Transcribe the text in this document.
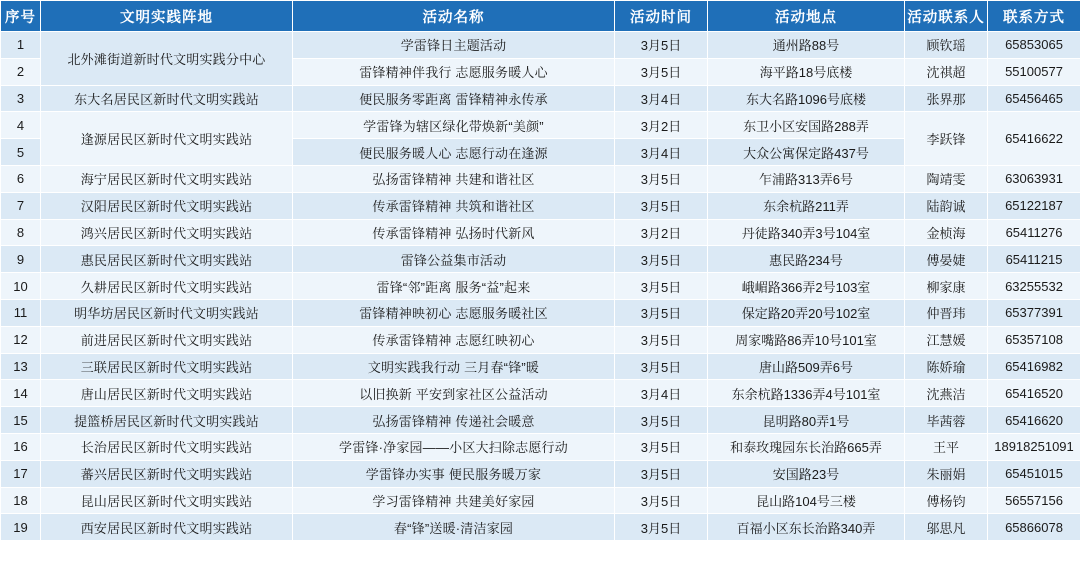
序号	文明实践阵地	活动名称	活动时间	活动地点	活动联系人	联系方式
1	北外滩街道新时代文明实践分中心	学雷锋日主题活动	3月5日	通州路88号	顾钦瑶	65853065
2		雷锋精神伴我行 志愿服务暖人心	3月5日	海平路18号底楼	沈祺超	55100577
3	东大名居民区新时代文明实践站	便民服务零距离 雷锋精神永传承	3月4日	东大名路1096号底楼	张界那	65456465
4	逢源居民区新时代文明实践站	学雷锋为辖区绿化带焕新“美颜”	3月2日	东卫小区安国路288弄	李跃锋	65416622
5		便民服务暖人心 志愿行动在逢源	3月4日	大众公寓保定路437号		
6	海宁居民区新时代文明实践站	弘扬雷锋精神 共建和谐社区	3月5日	乍浦路313弄6号	陶靖雯	63063931
7	汉阳居民区新时代文明实践站	传承雷锋精神 共筑和谐社区	3月5日	东余杭路211弄	陆韵诚	65122187
8	鸿兴居民区新时代文明实践站	传承雷锋精神 弘扬时代新风	3月2日	丹徒路340弄3号104室	金桢海	65411276
9	惠民居民区新时代文明实践站	雷锋公益集市活动	3月5日	惠民路234号	傅晏婕	65411215
10	久耕居民区新时代文明实践站	雷锋“邻”距离 服务“益”起来	3月5日	峨嵋路366弄2号103室	柳家康	63255532
11	明华坊居民区新时代文明实践站	雷锋精神映初心 志愿服务暖社区	3月5日	保定路20弄20号102室	仲晋玮	65377391
12	前进居民区新时代文明实践站	传承雷锋精神 志愿红映初心	3月5日	周家嘴路86弄10号101室	江慧媛	65357108
13	三联居民区新时代文明实践站	文明实践我行动 三月春“锋”暖	3月5日	唐山路509弄6号	陈娇瑜	65416982
14	唐山居民区新时代文明实践站	以旧换新 平安到家社区公益活动	3月4日	东余杭路1336弄4号101室	沈燕洁	65416520
15	提篮桥居民区新时代文明实践站	弘扬雷锋精神 传递社会暖意	3月5日	昆明路80弄1号	毕茜蓉	65416620
16	长治居民区新时代文明实践站	学雷锋·净家园——小区大扫除志愿行动	3月5日	和泰玫瑰园东长治路665弄	王平	18918251091
17	蕃兴居民区新时代文明实践站	学雷锋办实事 便民服务暖万家	3月5日	安国路23号	朱丽娟	65451015
18	昆山居民区新时代文明实践站	学习雷锋精神 共建美好家园	3月5日	昆山路104号三楼	傅杨钧	56557156
19	西安居民区新时代文明实践站	春“锋”送暖·清洁家园	3月5日	百福小区东长治路340弄	邬思凡	65866078
